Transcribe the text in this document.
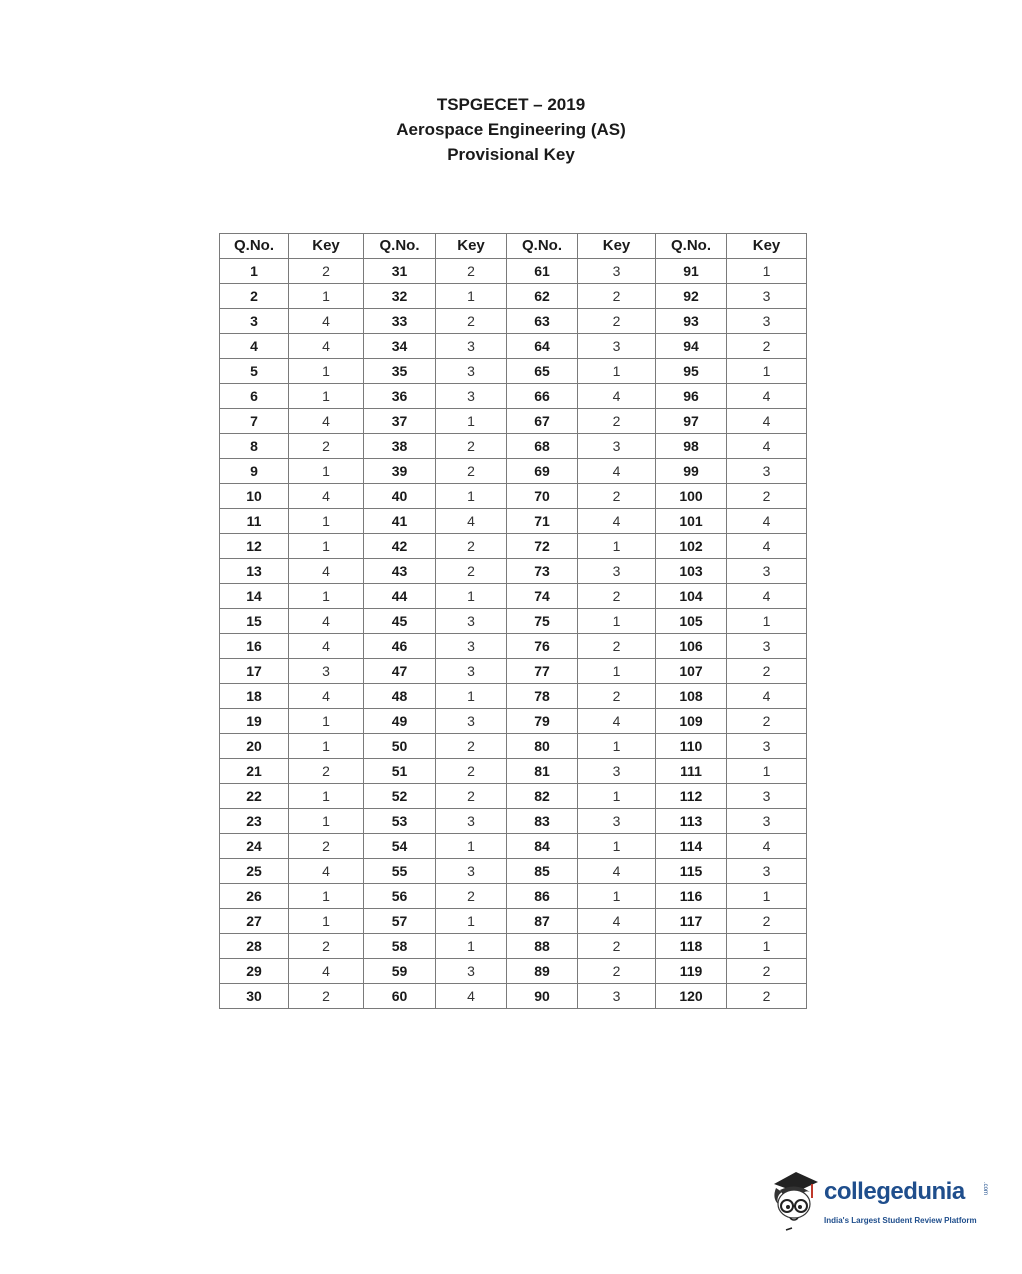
TSPGECET – 2019
Aerospace Engineering (AS)
Provisional Key
Q.No.	Key	Q.No.	Key	Q.No.	Key	Q.No.	Key
1	2	31	2	61	3	91	1
2	1	32	1	62	2	92	3
3	4	33	2	63	2	93	3
4	4	34	3	64	3	94	2
5	1	35	3	65	1	95	1
6	1	36	3	66	4	96	4
7	4	37	1	67	2	97	4
8	2	38	2	68	3	98	4
9	1	39	2	69	4	99	3
10	4	40	1	70	2	100	2
11	1	41	4	71	4	101	4
12	1	42	2	72	1	102	4
13	4	43	2	73	3	103	3
14	1	44	1	74	2	104	4
15	4	45	3	75	1	105	1
16	4	46	3	76	2	106	3
17	3	47	3	77	1	107	2
18	4	48	1	78	2	108	4
19	1	49	3	79	4	109	2
20	1	50	2	80	1	110	3
21	2	51	2	81	3	111	1
22	1	52	2	82	1	112	3
23	1	53	3	83	3	113	3
24	2	54	1	84	1	114	4
25	4	55	3	85	4	115	3
26	1	56	2	86	1	116	1
27	1	57	1	87	4	117	2
28	2	58	1	88	2	118	1
29	4	59	3	89	2	119	2
30	2	60	4	90	3	120	2
collegedunia	.com
India's Largest Student Review Platform
